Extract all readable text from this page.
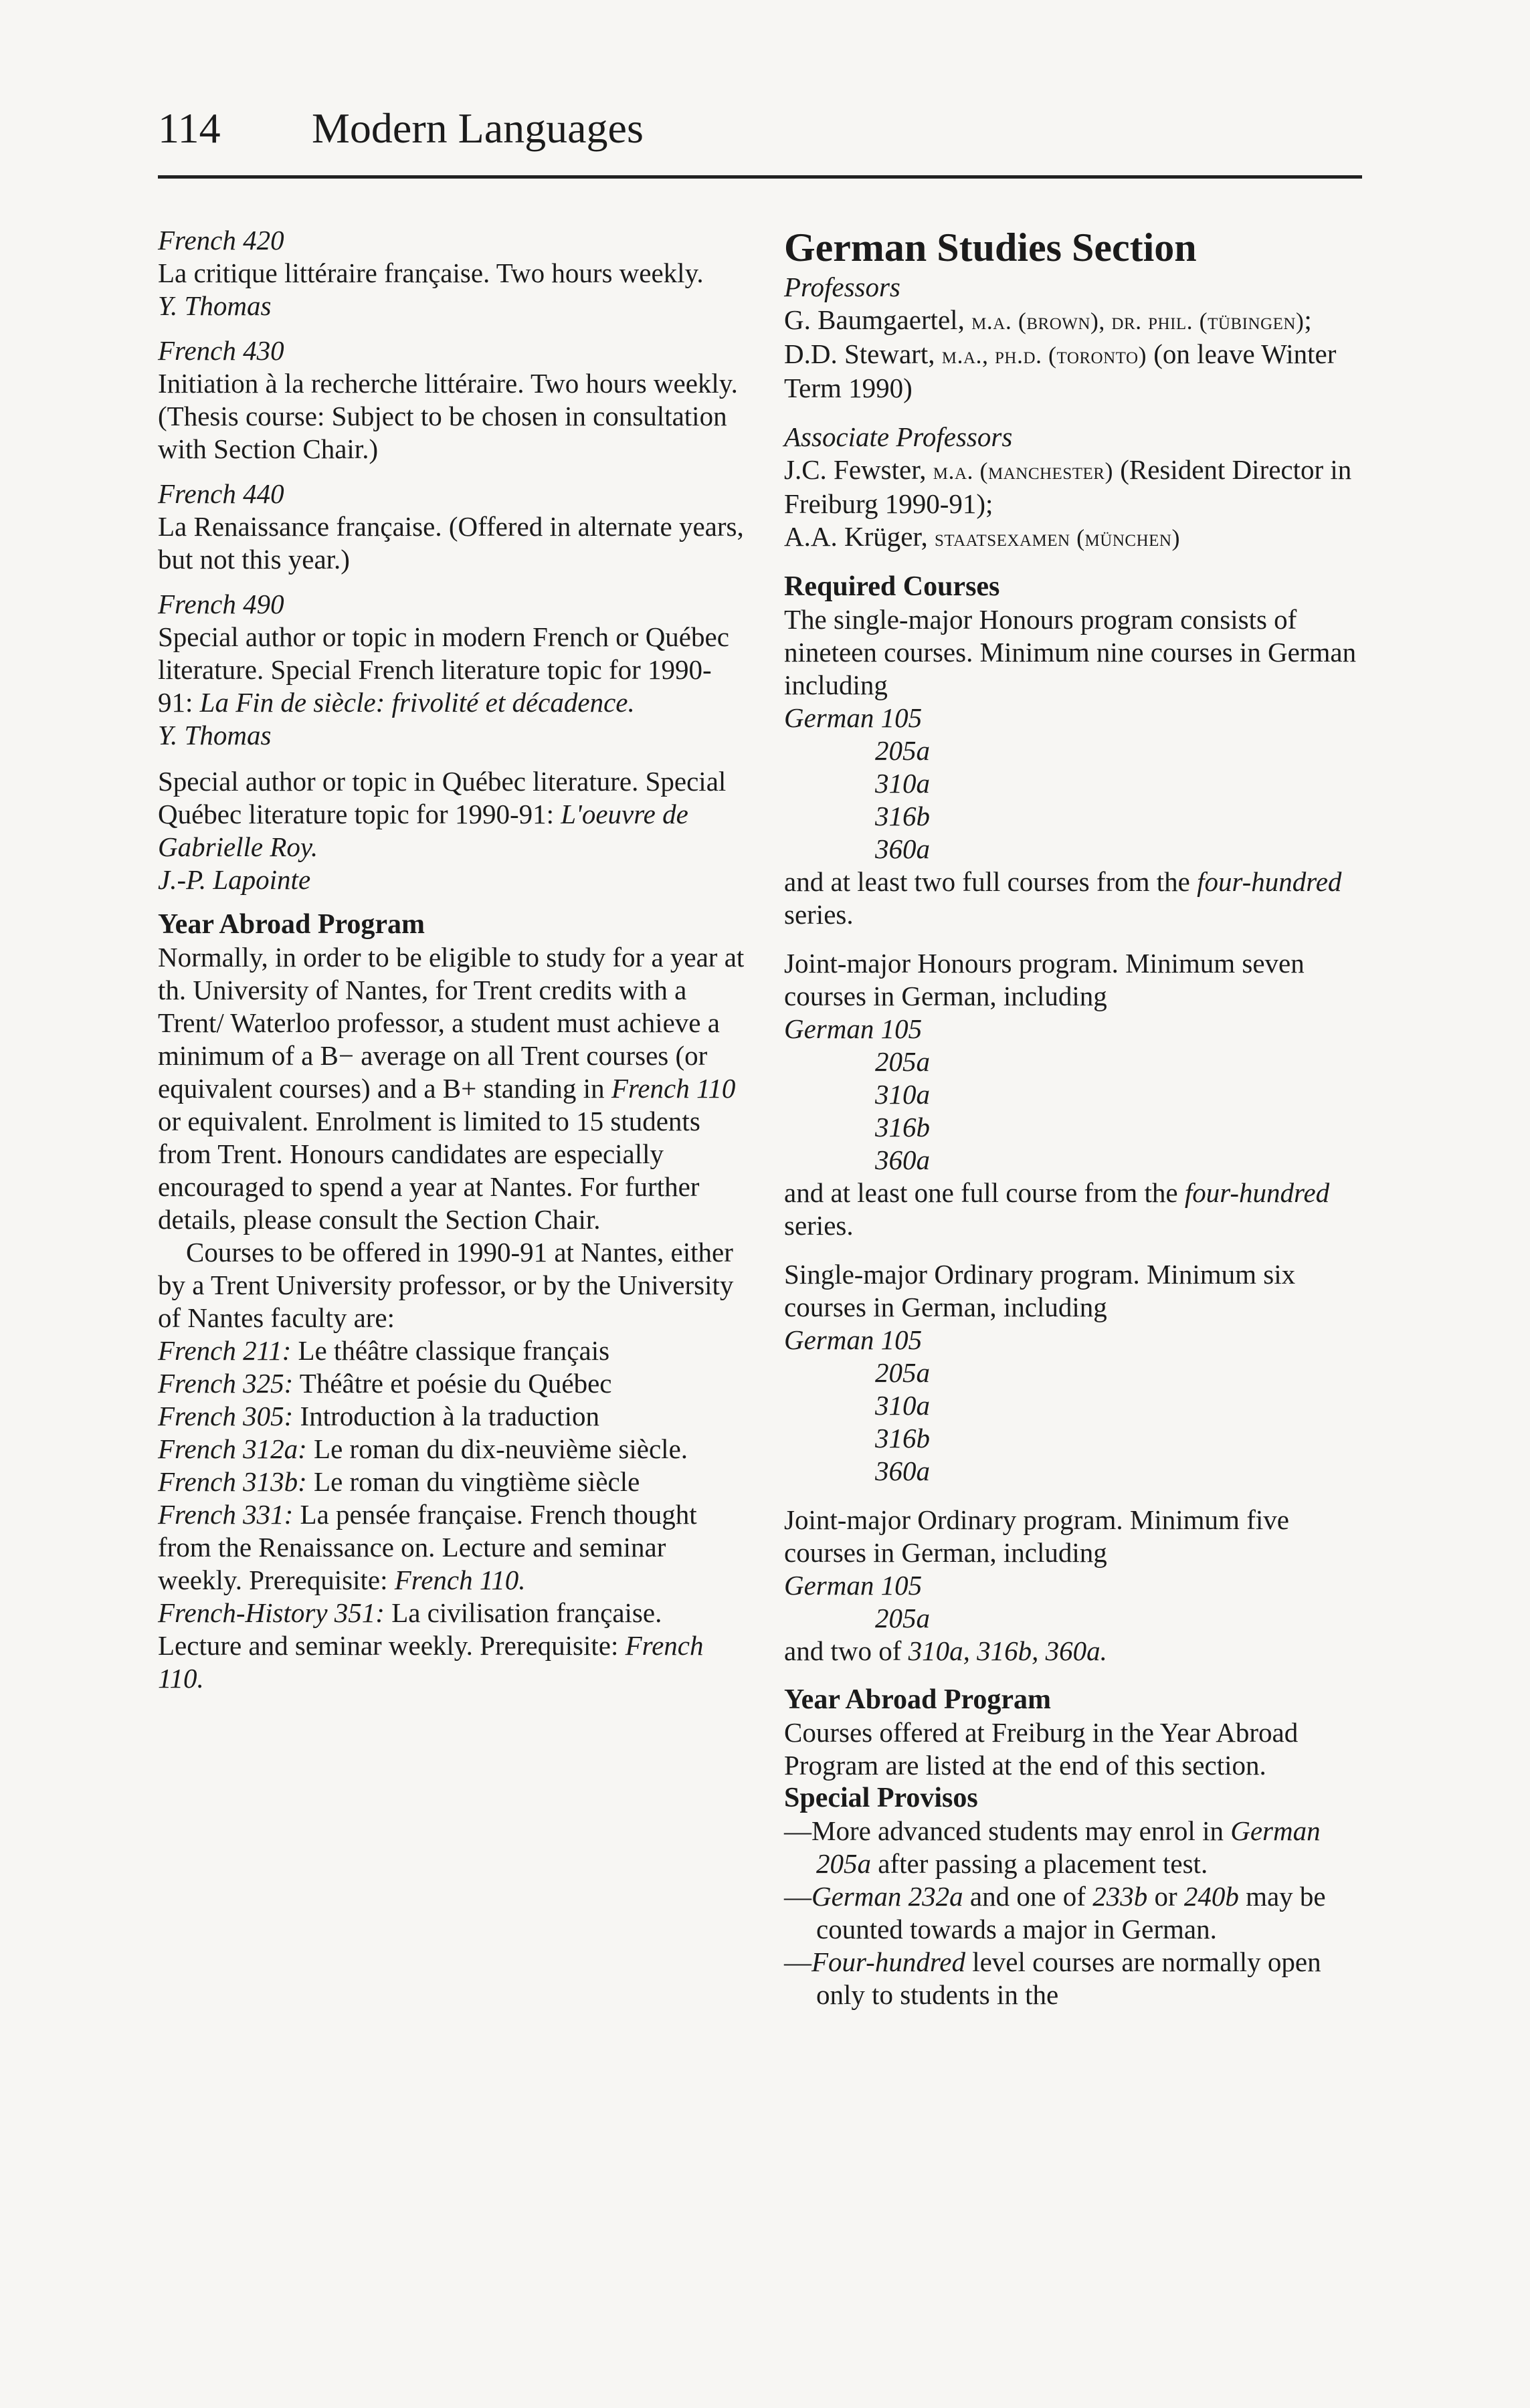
114 Modern Languages

French 420

La critique littéraire française. Two hours weekly.

Y. Thomas

French 430

Initiation à la recherche littéraire. Two hours weekly. (Thesis course: Subject to be chosen in consultation with Section Chair.)

French 440

La Renaissance française. (Offered in alternate years, but not this year.)

French 490

Special author or topic in modern French or Québec literature. Special French literature topic for 1990-91: La Fin de siècle: frivolité et décadence.

Y. Thomas

Special author or topic in Québec literature. Special Québec literature topic for 1990-91: L'oeuvre de Gabrielle Roy.

J.-P. Lapointe

Year Abroad Program

Normally, in order to be eligible to study for a year at th. University of Nantes, for Trent credits with a Trent/ Waterloo professor, a student must achieve a minimum of a B− average on all Trent courses (or equivalent courses) and a B+ standing in French 110 or equivalent. Enrolment is limited to 15 students from Trent. Honours candidates are especially encouraged to spend a year at Nantes. For further details, please consult the Section Chair.

Courses to be offered in 1990-91 at Nantes, either by a Trent University professor, or by the University of Nantes faculty are:

French 211: Le théâtre classique français

French 325: Théâtre et poésie du Québec

French 305: Introduction à la traduction

French 312a: Le roman du dix-neuvième siècle.

French 313b: Le roman du vingtième siècle

French 331: La pensée française. French thought from the Renaissance on. Lecture and seminar weekly. Prerequisite: French 110.

French-History 351: La civilisation française. Lecture and seminar weekly. Prerequisite: French 110.

German Studies Section

Professors

G. Baumgaertel, m.a. (brown), dr. phil. (tübingen); D.D. Stewart, m.a., ph.d. (toronto) (on leave Winter Term 1990)

Associate Professors

J.C. Fewster, m.a. (manchester) (Resident Director in Freiburg 1990-91);

A.A. Krüger, staatsexamen (münchen)

Required Courses

The single-major Honours program consists of nineteen courses. Minimum nine courses in German including

German 105

205a

310a

316b

360a

and at least two full courses from the four-hundred series.

Joint-major Honours program. Minimum seven courses in German, including

German 105

205a

310a

316b

360a

and at least one full course from the four-hundred series.

Single-major Ordinary program. Minimum six courses in German, including

German 105

205a

310a

316b

360a

Joint-major Ordinary program. Minimum five courses in German, including

German 105

205a

and two of 310a, 316b, 360a.

Year Abroad Program

Courses offered at Freiburg in the Year Abroad Program are listed at the end of this section.

Special Provisos

—More advanced students may enrol in German 205a after passing a placement test.

—German 232a and one of 233b or 240b may be counted towards a major in German.

—Four-hundred level courses are normally open only to students in the
